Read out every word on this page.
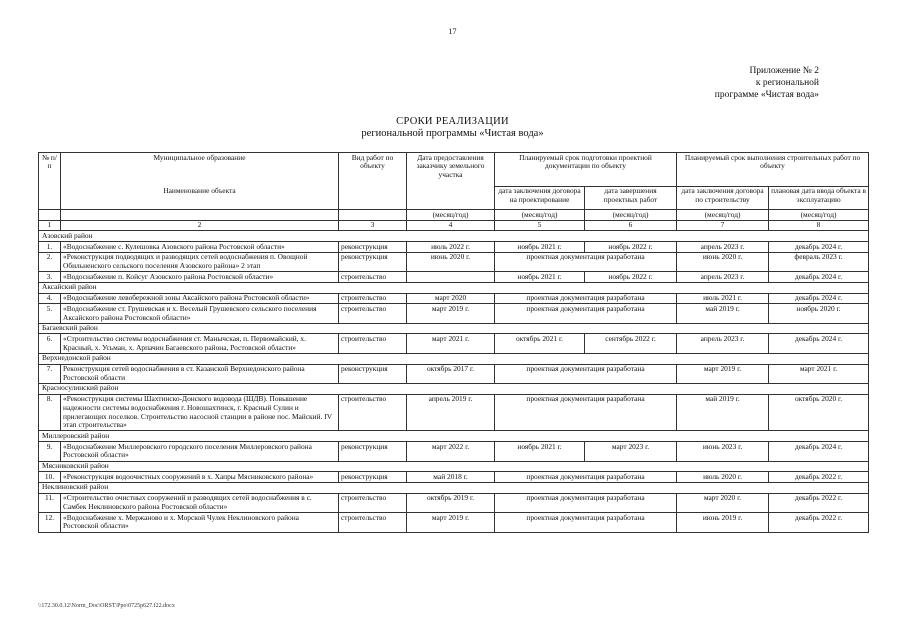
17
Приложение № 2
к региональной
программе «Чистая вода»
СРОКИ РЕАЛИЗАЦИИ
региональной программы «Чистая вода»
№ п/п	Муниципальное образование	Вид работ по объекту	Дата предоставления заказчику земельного участка	Планируемый срок подготовки проектной документации по объекту		Планируемый срок выполнения строительных работ по объекту	
	Наименование объекта			дата заключения договора на проектирование	дата завершения проектных работ	дата заключения договора по строительству	плановая дата ввода объекта в эксплуатацию
			(месяц/год)	(месяц/год)	(месяц/год)	(месяц/год)	(месяц/год)
1	2	3	4	5	6	7	8
Азовский район							
1.	«Водоснабжение с. Кулешовка Азовского района Ростовской области»	реконструкция	июль 2022 г.	ноябрь 2021 г.	ноябрь 2022 г.	апрель 2023 г.	декабрь 2024 г.
2.	«Реконструкция подводящих и разводящих сетей водоснабжения п. Овощной Обильненского сельского поселения Азовского района» 2 этап	реконструкция	июнь 2020 г.	проектная документация разработана		июнь 2020 г.	февраль 2023 г.
3.	«Водоснабжение п. Койсуг Азовского района Ростовской области»	строительство		ноябрь 2021 г.	ноябрь 2022 г.	апрель 2023 г.	декабрь 2024 г.
Аксайский район							
4.	«Водоснабжение левобережной зоны Аксайского района Ростовской области»	строительство	март 2020	проектная документация разработана		июль 2021 г.	декабрь 2024 г.
5.	«Водоснабжение ст. Грушевская и х. Веселый Грушевского сельского поселения Аксайского района Ростовской области»	строительство	март 2019 г.	проектная документация разработана		май 2019 г.	ноябрь 2020 г.
Багаевский район							
6.	«Строительство системы водоснабжения ст. Манычская, п. Первомайский, х. Красный, х. Усьман, х. Арпачин Багаевского района, Ростовской области»	строительство	март 2021 г.	октябрь 2021 г.	сентябрь 2022 г.	апрель 2023 г.	декабрь 2024 г.
Верхнедонской район							
7.	Реконструкция сетей водоснабжения в ст. Казанской Верхнедонского района Ростовской области	реконструкция	октябрь 2017 г.	проектная документация разработана		март 2019 г.	март 2021 г.
Красносулинский район							
8.	«Реконструкция системы Шахтинско-Донского водовода (ШДВ). Повышение надежности системы водоснабжения г. Новошахтинск, г. Красный Сулин и прилегающих поселков. Строительство насосной станции в районе пос. Майский. IV этап строительства»	строительство	апрель 2019 г.	проектная документация разработана		май 2019 г.	октябрь 2020 г.
Миллеровский район							
9.	«Водоснабжение Миллеровского городского поселения Миллеровского района Ростовской области»	реконструкция	март 2022 г.	ноябрь 2021 г.	март 2023 г.	июнь 2023 г.	декабрь 2024 г.
Мясниковский район							
10.	«Реконструкция водоочистных сооружений в х. Хапры Мясниковского района»	реконструкция	май 2018 г.	проектная документация разработана		июль 2020 г.	декабрь 2022 г.
Неклиновский район							
11.	«Строительство очистных сооружений и разводящих сетей водоснабжения в с. Самбек Неклиновского района Ростовской области»	строительство	октябрь 2019 г.	проектная документация разработана		март 2020 г.	декабрь 2022 г.
12.	«Водоснабжение х. Мержаново и х. Морской Чулек Неклиновского района Ростовской области»	строительство	март 2019 г.	проектная документация разработана		июнь 2019 г.	декабрь 2022 г.
\\172.30.0.12\Norm_Doc\ORST\Ppo\0725p627.f22.docx
